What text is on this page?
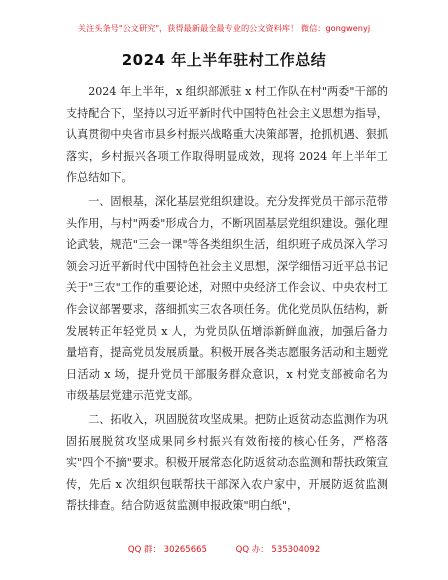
关注头条号"公文研究"，获得最新最全最专业的公文资料库！ 微信：gongwenyj
2024 年上半年驻村工作总结

2024 年上半年，x 组织部派驻 x 村工作队在村"两委"干部的支持配合下，坚持以习近平新时代中国特色社会主义思想为指导，认真贯彻中央省市县乡村振兴战略重大决策部署，抢抓机遇、狠抓落实，乡村振兴各项工作取得明显成效，现将 2024 年上半年工作总结如下。

一、固根基，深化基层党组织建设。充分发挥党员干部示范带头作用，与村"两委"形成合力，不断巩固基层党组织建设。强化理论武装，规范"三会一课"等各类组织生活，组织班子成员深入学习领会习近平新时代中国特色社会主义思想，深学细悟习近平总书记关于"三农"工作的重要论述，对照中央经济工作会议、中央农村工作会议部署要求，落细抓实三农各项任务。优化党员队伍结构，新发展转正年轻党员 x 人，为党员队伍增添新鲜血液，加强后备力量培育，提高党员发展质量。积极开展各类志愿服务活动和主题党日活动 x 场，提升党员干部服务群众意识，x 村党支部被命名为市级基层党建示范党支部。

二、拓收入，巩固脱贫攻坚成果。把防止返贫动态监测作为巩固拓展脱贫攻坚成果同乡村振兴有效衔接的核心任务，严格落实"四个不摘"要求。积极开展常态化防返贫动态监测和帮扶政策宣传，先后 x 次组织包联帮扶干部深入农户家中，开展防返贫监测帮扶排查。结合防返贫监测申报政策"明白纸"，

QQ 群： 30265665	QQ 办： 535304092
